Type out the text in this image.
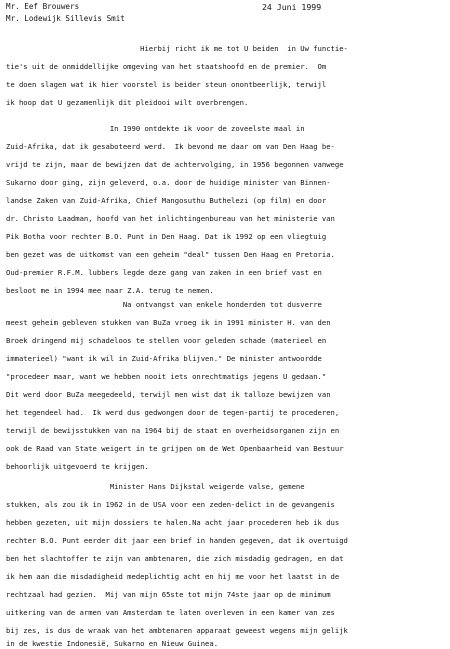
Mr. Eef Brouwers	24 Juni 1999
Mr. Lodewijk Sillevis Smit
Hierbij richt ik me tot U beiden  in Uw functie-
tie's uit de onmiddellijke omgeving van het staatshoofd en de premier.  Om
te doen slagen wat ik hier voorstel is beider steun onontbeerlijk, terwijl
ik hoop dat U gezamenlijk dit pleidooi wilt overbrengen.
In 1990 ontdekte ik voor de zoveelste maal in
Zuid-Afrika, dat ik gesaboteerd werd.  Ik bevond me daar om van Den Haag be-
vrijd te zijn, maar de bewijzen dat de achtervolging, in 1956 begonnen vanwege
Sukarno door ging, zijn geleverd, o.a. door de huidige minister van Binnen-
landse Zaken van Zuid-Afrika, Chief Mangosuthu Buthelezi (op film) en door
dr. Christo Laadman, hoofd van het inlichtingenbureau van het ministerie van
Pik Botha voor rechter B.O. Punt in Den Haag. Dat ik 1992 op een vliegtuig
ben gezet was de uitkomst van een geheim "deal" tussen Den Haag en Pretoria.
Oud-premier R.F.M. lubbers legde deze gang van zaken in een brief vast en
besloot me in 1994 mee naar Z.A. terug te nemen.
Na ontvangst van enkele honderden tot dusverre
meest geheim gebleven stukken van BuZa vroeg ik in 1991 minister H. van den
Broek dringend mij schadeloos te stellen voor geleden schade (materieel en
immaterieel) "want ik wil in Zuid-Afrika blijven." De minister antwoordde
"procedeer maar, want we hebben nooit iets onrechtmatigs jegens U gedaan."
Dit werd door BuZa meegedeeld, terwijl men wist dat ik talloze bewijzen van
het tegendeel had.  Ik werd dus gedwongen door de tegen-partij te procederen,
terwijl de bewijsstukken van na 1964 bij de staat en overheidsorganen zijn en
ook de Raad van State weigert in te grijpen om de Wet Openbaarheid van Bestuur
behoorlijk uitgevoerd te krijgen.
Minister Hans Dijkstal weigerde valse, gemene
stukken, als zou ik in 1962 in de USA voor een zeden-delict in de gevangenis
hebben gezeten, uit mijn dossiers te halen.Na acht jaar procederen heb ik dus
rechter B.O. Punt eerder dit jaar een brief in handen gegeven, dat ik overtuigd
ben het slachtoffer te zijn van ambtenaren, die zich misdadig gedragen, en dat
ik hem aan die misdadigheid medeplichtig acht en hij me voor het laatst in de
rechtzaal had gezien.  Mij van mijn 65ste tot mijn 74ste jaar op de minimum
uitkering van de armen van Amsterdam te laten overleven in een kamer van zes
bij zes, is dus de wraak van het ambtenaren apparaat geweest wegens mijn gelijk
in de kwestie Indonesië, Sukarno en Nieuw Guinea.
